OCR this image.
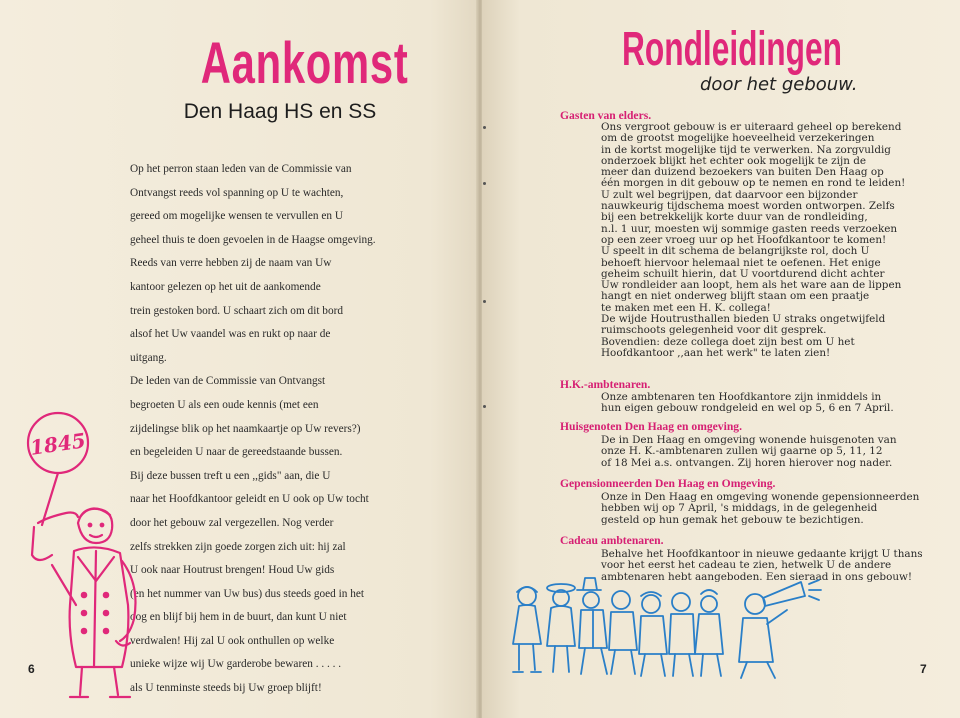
Aankomst
Den Haag HS en SS

Op het perron staan leden van de Commissie van

Ontvangst reeds vol spanning op U te wachten,

gereed om mogelijke wensen te vervullen en U

geheel thuis te doen gevoelen in de Haagse omgeving.

Reeds van verre hebben zij de naam van Uw

kantoor gelezen op het uit de aankomende

trein gestoken bord. U schaart zich om dit bord

alsof het Uw vaandel was en rukt op naar de

uitgang.

De leden van de Commissie van Ontvangst

begroeten U als een oude kennis (met een

zijdelingse blik op het naamkaartje op Uw revers?)

en begeleiden U naar de gereedstaande bussen.

Bij deze bussen treft u een ,,gids" aan, die U

naar het Hoofdkantoor geleidt en U ook op Uw tocht

door het gebouw zal vergezellen. Nog verder

zelfs strekken zijn goede zorgen zich uit: hij zal

U ook naar Houtrust brengen! Houd Uw gids

(en het nummer van Uw bus) dus steeds goed in het

oog en blijf bij hem in de buurt, dan kunt U niet

verdwalen! Hij zal U ook onthullen op welke

unieke wijze wij Uw garderobe bewaren . . . . .

als U tenminste steeds bij Uw groep blijft!

1845
6
Rondleidingen
door het gebouw.
Gasten van elders.

Ons vergroot gebouw is er uiteraard geheel op berekend

om de grootst mogelijke hoeveelheid verzekeringen

in de kortst mogelijke tijd te verwerken. Na zorgvuldig

onderzoek blijkt het echter ook mogelijk te zijn de

meer dan duizend bezoekers van buiten Den Haag op

één morgen in dit gebouw op te nemen en rond te leiden!

U zult wel begrijpen, dat daarvoor een bijzonder

nauwkeurig tijdschema moest worden ontworpen. Zelfs

bij een betrekkelijk korte duur van de rondleiding,

n.l. 1 uur, moesten wij sommige gasten reeds verzoeken

op een zeer vroeg uur op het Hoofdkantoor te komen!

U speelt in dit schema de belangrijkste rol, doch U

behoeft hiervoor helemaal niet te oefenen. Het enige

geheim schuilt hierin, dat U voortdurend dicht achter

Uw rondleider aan loopt, hem als het ware aan de lippen

hangt en niet onderweg blijft staan om een praatje

te maken met een H. K. collega!

De wijde Houtrusthallen bieden U straks ongetwijfeld

ruimschoots gelegenheid voor dit gesprek.

Bovendien: deze collega doet zijn best om U het

Hoofdkantoor ,,aan het werk" te laten zien!

H.K.-ambtenaren.

Onze ambtenaren ten Hoofdkantore zijn inmiddels in

hun eigen gebouw rondgeleid en wel op 5, 6 en 7 April.

Huisgenoten Den Haag en omgeving.

De in Den Haag en omgeving wonende huisgenoten van

onze H. K.-ambtenaren zullen wij gaarne op 5, 11, 12

of 18 Mei a.s. ontvangen. Zij horen hierover nog nader.

Gepensionneerden Den Haag en Omgeving.

Onze in Den Haag en omgeving wonende gepensionneerden

hebben wij op 7 April, 's middags, in de gelegenheid

gesteld op hun gemak het gebouw te bezichtigen.

Cadeau ambtenaren.

Behalve het Hoofdkantoor in nieuwe gedaante krijgt U thans

voor het eerst het cadeau te zien, hetwelk U de andere

ambtenaren hebt aangeboden. Een sieraad in ons gebouw!

7
